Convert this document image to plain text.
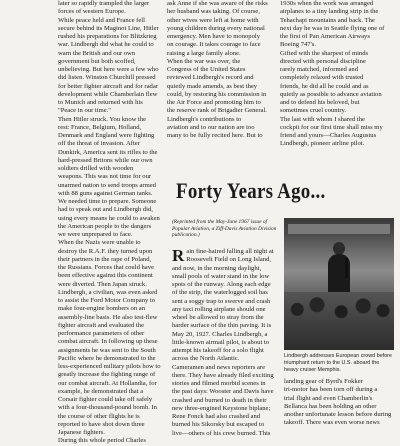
later so rapidly trampled the larger

forces of western Europe.

While peace held and France fell

secure behind its Maginot Line, Hitler

rushed his preparations for Blitzkrieg

war. Lindbergh did what he could to

warn the British and our own

government but both scoffed,

unbelieving. But here were a few who

did listen. Winston Churchill pressed

for better fighter aircraft and for radar

development while Chamberlain flew

to Munich and returned with his

"Peace in our time."

Then Hitler struck. You know the

rest: France, Belgium, Holland,

Denmark and England were fighting

off the threat of invasion. After

Dunkirk, America sent its rifles to the

hard-pressed Britons while our own

soldiers drilled with wooden

weapons. This was not time for our

unarmed nation to send troops armed

with 88 guns against German tanks.

We needed time to prepare. Someone

had to speak out and Lindbergh did,

using every means he could to awaken

the American people to the dangers

we were unprepared to face.

When the Nazis were unable to

destroy the R.A.F. they turned upon

their partners in the rape of Poland,

the Russians. Forces that could have

been effective against this continent

were diverted. Then Japan struck.

Lindbergh, a civilian, was even asked

to assist the Ford Motor Company to

make four-engine bombers on an

assembly-line basis. He also test-flew

fighter aircraft and evaluated the

performance parameters of other

combat aircraft. In following up these

assignments he was sent to the South

Pacific where he demonstrated to the

less-experienced military pilots how to

greatly increase the fighting range of

our combat aircraft. At Hollandia, for

example, he demonstrated that a

Corsair fighter could take off safely

with a four-thousand-pound bomb. In

the course of other flights he is

reported to have shot down three

Japanese fighters.

During this whole period Charles

ask Anne if she was aware of the risks

her husband was taking. Of course,

other wives were left at home with

young children during every national

emergency. Men have to monopoly

on courage. It takes courage to face

raising a large family alone.

When the war was over, the

Congress of the United States

reviewed Lindbergh's record and

quietly made amends, as best they

could, by restoring his commission in

the Air Force and promoting him to

the reserve rank of Brigadier General.

Lindbergh's contributions to

aviation and to our nation are too

many to be fully recited here. But to

1930s when the work was arranged

airplanes to a tiny landing strip in the

Tehachapi mountains and back. The

next day he was in Seattle flying one of

the first of Pan American Airways

Boeing 747's.

Gifted with the sharpest of minds

directed with personal discipline

rarely matched, informed and

completely relaxed with trusted

friends, he did all he could and as

quietly as possible to advance aviation

and to defend his beloved, but

sometimes cruel country.

The last with whom I shared the

cockpit for our first time shall miss my

friend and yours—Charles Augustus

Lindbergh, pioneer airline pilot.

Forty Years Ago...
(Reprinted from the May-June 1967 issue of Popular Aviation, a Ziff-Davis Aviation Division publication.)
R ain fine-haired falling all night at

Roosevelt Field on Long Island,

and now, in the morning daylight,

small pools of water stand in the low

spots of the runway. Along each edge

of the strip, the waterlogged soil has

sent a soggy trap to swerve and crash

any taxi rolling airplane should one

wheel be allowed to stray from the

harder surface of the thin paving. It is

May 20, 1927. Charles Lindbergh, a

little-known airmail pilot, is about to

attempt his takeoff for a solo flight

across the North Atlantic.

Cameramen and news reporters are

there. They have already filed exciting

stories and filmed morbid scenes in

the past days: Wooster and Davis have

crashed and burned to death in their

new three-engined Keystone biplane;

Rene Fonck had also crashed and

burned his Sikorsky but escaped to

live—others of his crew burned. This

Lindbergh addresses European crowd before triumphant return to the U.S. aboard the heavy cruiser Memphis.

landing gear of Byrd's Fokker

tri-motor has been torn off during a

trial flight and even Chamberlin's

Bellanca has been holding an other

another unfortunate lesson before during

takeoff. There was even worse news
